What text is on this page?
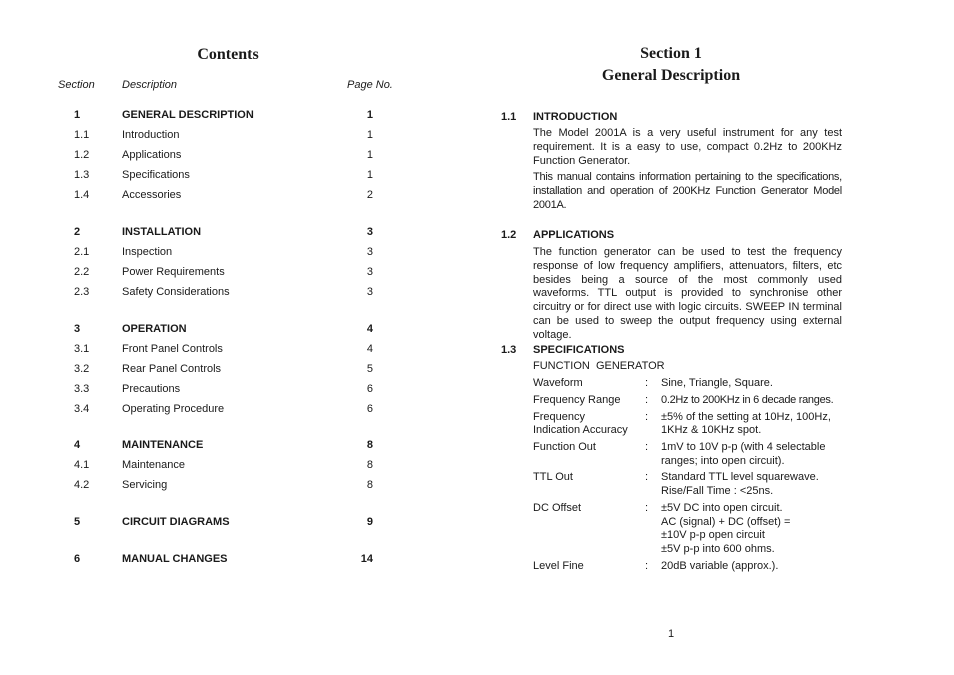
Contents
Section Description	Page No.
1	GENERAL DESCRIPTION	1
1.1	Introduction	1
1.2	Applications	1
1.3	Specifications	1
1.4	Accessories	2
2	INSTALLATION	3
2.1	Inspection	3
2.2	Power Requirements	3
2.3	Safety Considerations	3
3	OPERATION	4
3.1	Front Panel Controls	4
3.2	Rear Panel Controls	5
3.3	Precautions	6
3.4	Operating Procedure	6
4	MAINTENANCE	8
4.1	Maintenance	8
4.2	Servicing	8
5	CIRCUIT DIAGRAMS	9
6	MANUAL CHANGES	14
Section 1
General Description
1.1 INTRODUCTION
The Model 2001A is a very useful instrument for any test requirement. It is a easy to use, compact 0.2Hz to 200KHz Function Generator.
This manual contains information pertaining to the specifications, installation and operation of 200KHz Function Generator Model 2001A.
1.2 APPLICATIONS
The function generator can be used to test the frequency response of low frequency amplifiers, attenuators, filters, etc besides being a source of the most commonly used waveforms. TTL output is provided to synchronise other circuitry or for direct use with logic circuits. SWEEP IN terminal can be used to sweep the output frequency using external voltage.
1.3 SPECIFICATIONS
FUNCTION  GENERATOR
Waveform	: Sine, Triangle, Square.
Frequency Range : 0.2Hz to 200KHz in 6 decade ranges.
Frequency
Indication Accuracy
: ±5% of the setting at 10Hz, 100Hz,
1KHz & 10KHz spot.
Function Out	: 1mV to 10V p-p (with 4 selectable ranges; into open circuit).
TTL Out	: Standard TTL level squarewave.
Rise/Fall Time : <25ns.
DC Offset	: ±5V DC into open circuit.
AC (signal) + DC (offset) =
±10V p-p open circuit
±5V p-p into 600 ohms.
Level Fine	: 20dB variable (approx.).
1
